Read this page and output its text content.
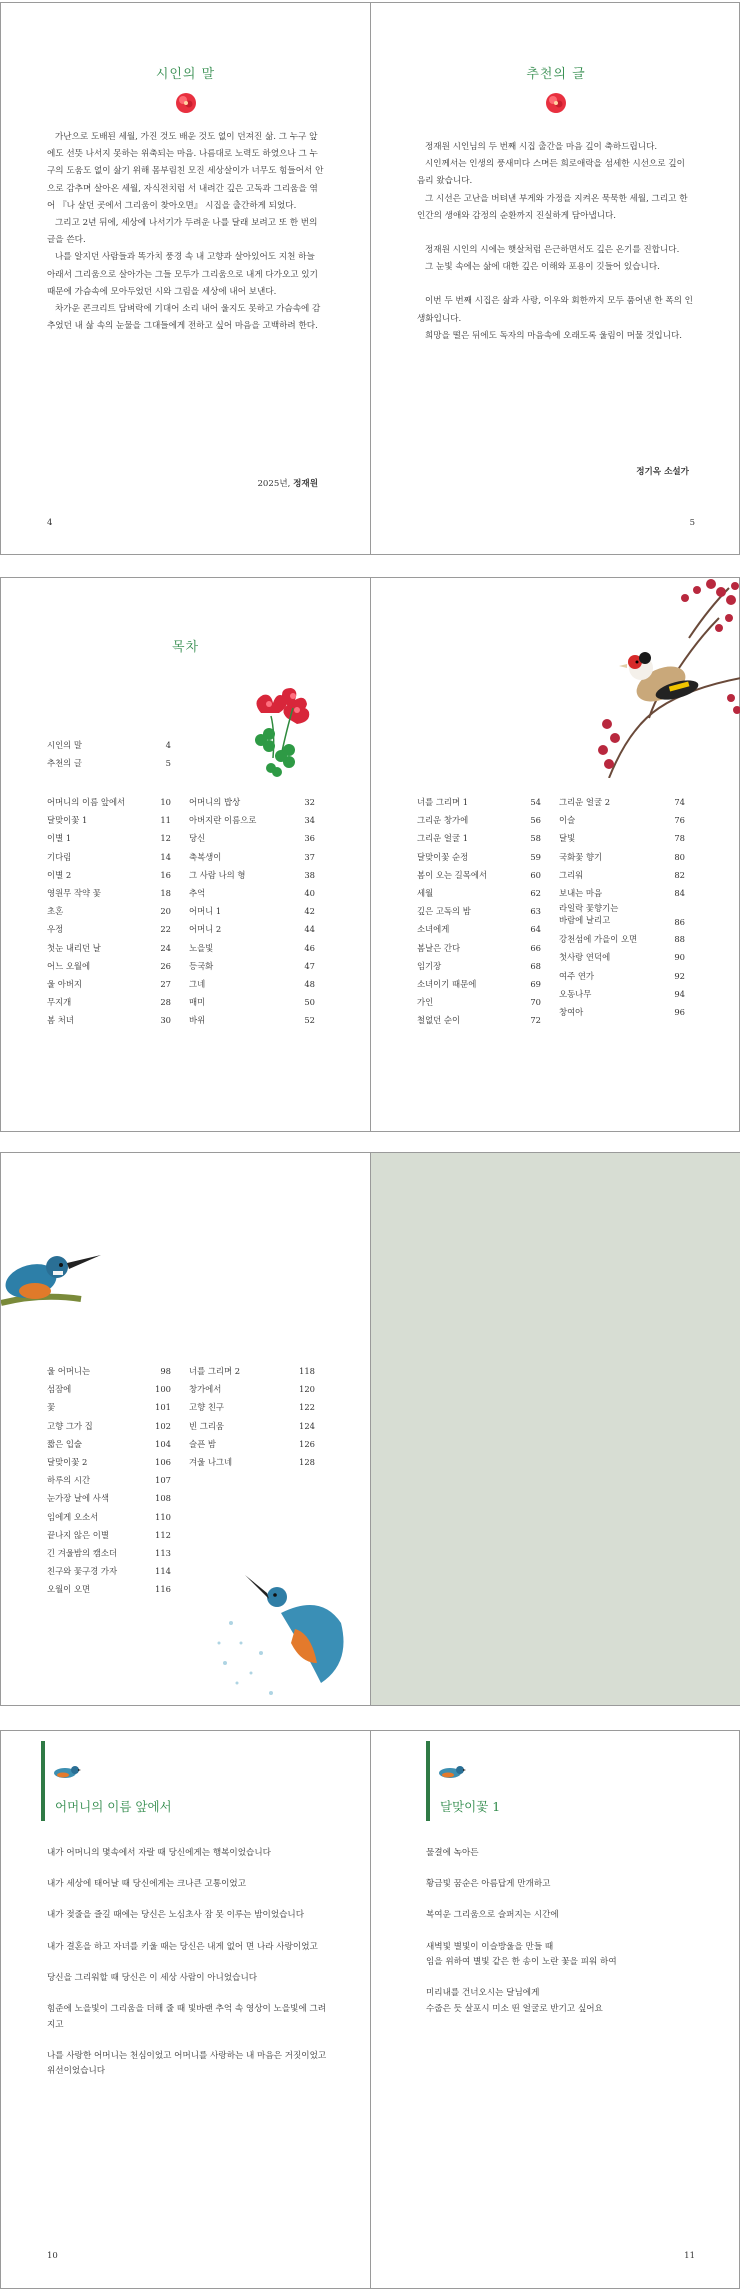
시인의 말

가난으로 도배된 세월, 가진 것도 배운 것도 없이 던져진 삶. 그 누구 앞에도 선뜻 나서지 못하는 위축되는 마음. 나름대로 노력도 하였으나 그 누구의 도움도 없이 삶기 위해 몸부림친 모진 세상살이가 너무도 힘들어서 안으로 감추며 살아온 세월, 자식전치럼 서 내려간 깊은 고독과 그리움을 엮어 『나 살던 곳에서 그리움이 찾아오면』 시집을 출간하게 되었다.

그리고 2년 뒤에, 세상에 나서기가 두려운 나를 달래 보려고 또 한 번의 글을 쓴다.

나를 알지던 사람들과 똑가치 풍경 속 내 고향과 살아있어도 지천 하늘 아래서 그리움으로 살아가는 그들 모두가 그리움으로 내게 다가오고 있기 때문에 가슴속에 모아두었던 시와 그림을 세상에 내어 보낸다.

차가운 콘크리트 담벼락에 기대어 소리 내어 울지도 못하고 가슴속에 감추었던 내 삶 속의 눈물을 그대들에게 전하고 싶어 마음을 고백하려 한다.

2025년, 정재원
4
추천의 글

정재원 시인님의 두 번째 시집 출간을 마음 깊이 축하드립니다.

시인께서는 인생의 풍새미다 스며든 희로애락을 섬세한 시선으로 깊이 음리 왔습니다.

그 시선은 고난을 버텨낸 부게와 가정을 지켜온 묵묵한 세월, 그리고 한 인간의 생애와 감정의 순환까지 진실하게 담아냅니다.

정재원 시인의 시에는 햇살처럼 은근하면서도 깊은 온기를 진합니다.

그 눈빛 속에는 삶에 대한 깊은 이해와 포용이 깃들어 있습니다.

이번 두 번째 시집은 삶과 사랑, 이우와 회한까지 모두 품어낸 한 폭의 인생화입니다.

희망을 떨은 뒤에도 독자의 마음속에 오래도록 울림이 머물 것입니다.

정기옥 소설가
5
목차
시인의 말	4
추천의 글	5
어머니의 이름 앞에서	10
달맞이꽃 1	11
이별 1	12
기다림	14
이별 2	16
영원무 작약 꽃	18
초혼	20
우정	22
첫눈 내리던 날	24
어느 오월에	26
울 아버지	27
무지개	28
봄 처녀	30
어머니의 밥상	32
아버지란 이름으로	34
당신	36
축복생이	37
그 사람 나의 형	38
추억	40
어머니 1	42
어머니 2	44
노을빛	46
등국화	47
그네	48
매미	50
바위	52
너를 그리며 1	54
그리운 창가에	56
그리운 얼굴 1	58
달맞이꽃 순정	59
봄이 오는 길목에서	60
세월	62
깊은 고독의 밤	63
소녀에게	64
봄날은 간다	66
임기장	68
소녀이기 때문에	69
가인	70
철없던 순이	72
그리운 얼굴 2	74
이슬	76
달빛	78
국화꽃 향기	80
그리워	82
보내는 마음	84
라일락 꽃향기는
바람에 날리고	86
강천섬에 가을이 오면	88
첫사랑 연덕에	90
여주 연가	92
오동나무	94
창여아	96
울 어머니는	98
섬잠에	100
꽃	101
고향 그가 집	102
짧은 입술	104
달맞이꽃 2	106
하루의 시간	107
눈가장 날에 사색	108
임에게 오소서	110
끝나지 않은 이별	112
긴 겨울밤의 캠소더	113
친구와 꽃구경 가자	114
오월이 오면	116
너를 그리며 2	118
창가에서	120
고향 친구	122
빈 그리움	124
슬픈 밤	126
겨울 나그네	128
어머니의 이름 앞에서

내가 어머니의 몇속에서 자랄 때 당신에게는 행복이었습니다

내가 세상에 태어날 때 당신에게는 크나큰 고통이었고

내가 젖줄을 즐길 때에는 당신은 노심초사 잠 못 이루는 밤이었습니다

내가 결혼을 하고 자녀를 키울 때는 당신은 내게 없어 면 나라 사랑이었고

당신을 그리워할 때 당신은 이 세상 사람이 아니었습니다

힘준에 노을빛이 그리움을 더해 줄 때 빛바랜 추억 속 영상이 노을빛에 그려지고

나를 사랑한 어머니는 천심이었고 어머니를 사랑하는 내 마음은 거짓이었고 위선이었습니다

10
달맞이꽃 1

물결에 녹아든

황금빛 꿈순은 아름답게 만개하고

복여운 그리움으로 슬퍼지는 시간에

새벽빛 별빛이 이슬방울을 만들 때
임을 위하여 별빛 같은 한 송이 노란 꽃을 피워 하여

미리내를 건너오시는 달님에게
수줍은 듯 살포시 미소 띤 얼굴로 반기고 싶어요

11
